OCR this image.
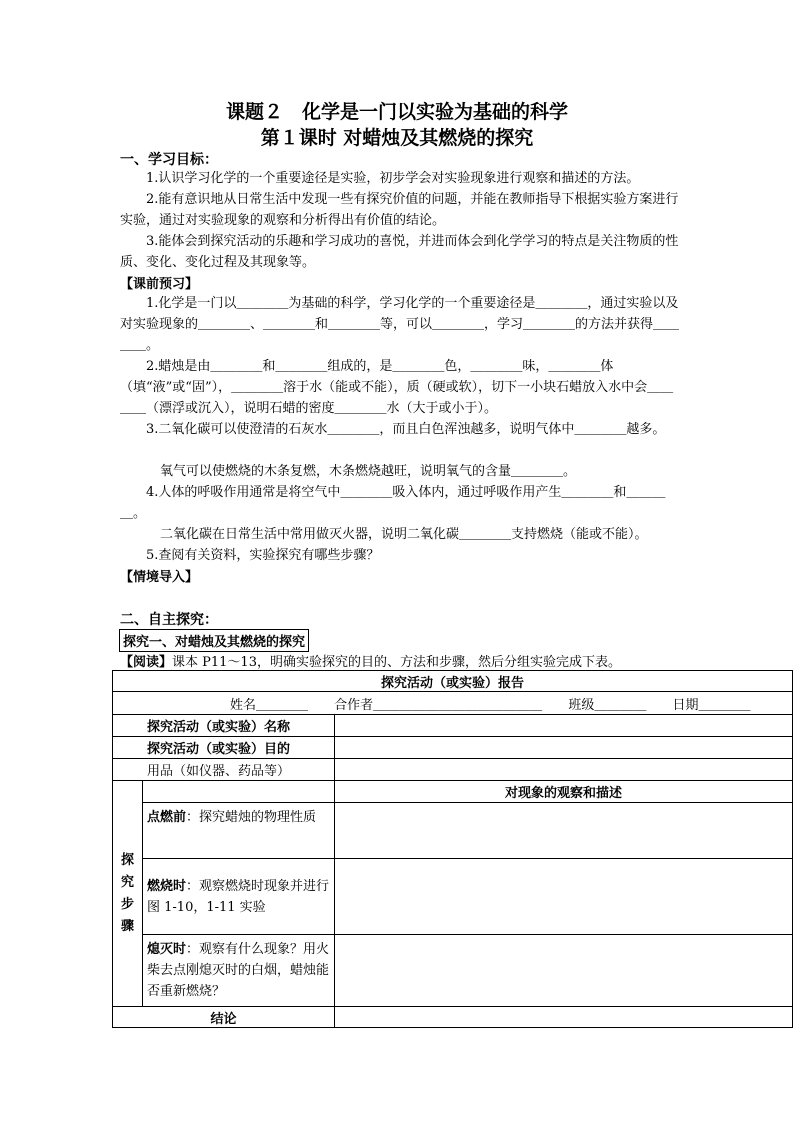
课题２　化学是一门以实验为基础的科学
第１课时 对蜡烛及其燃烧的探究
一、学习目标：
1.认识学习化学的一个重要途径是实验，初步学会对实验现象进行观察和描述的方法。
2.能有意识地从日常生活中发现一些有探究价值的问题，并能在教师指导下根据实验方案进行实验，通过对实验现象的观察和分析得出有价值的结论。
3.能体会到探究活动的乐趣和学习成功的喜悦，并进而体会到化学学习的特点是关注物质的性质、变化、变化过程及其现象等。
【课前预习】
1.化学是一门以＿＿＿＿为基础的科学，学习化学的一个重要途径是＿＿＿＿，通过实验以及对实验现象的＿＿＿＿、＿＿＿＿和＿＿＿＿等，可以＿＿＿＿，学习＿＿＿＿的方法并获得＿＿＿＿。
2.蜡烛是由＿＿＿＿和＿＿＿＿组成的，是＿＿＿＿色，＿＿＿＿味，＿＿＿＿体（填“液”或“固”），＿＿＿＿溶于水（能或不能），质（硬或软），切下一小块石蜡放入水中会＿＿＿＿（漂浮或沉入），说明石蜡的密度＿＿＿＿水（大于或小于）。
3.二氧化碳可以使澄清的石灰水＿＿＿＿，而且白色浑浊越多，说明气体中＿＿＿＿越多。
氧气可以使燃烧的木条复燃，木条燃烧越旺，说明氧气的含量＿＿＿＿。
4.人体的呼吸作用通常是将空气中＿＿＿＿吸入体内，通过呼吸作用产生＿＿＿＿和＿＿＿＿。
二氧化碳在日常生活中常用做灭火器，说明二氧化碳＿＿＿＿支持燃烧（能或不能）。
5.查阅有关资料，实验探究有哪些步骤？
【情境导入】
二、自主探究：
探究一、对蜡烛及其燃烧的探究
【阅读】课本 P11～13，明确实验探究的目的、方法和步骤，然后分组实验完成下表。
探究活动（或实验）报告		
姓名＿＿＿＿ 合作者＿＿＿＿＿＿＿＿＿＿＿＿＿ 班级＿＿＿＿ 日期＿＿＿＿		
探究活动（或实验）名称		
探究活动（或实验）目的		
用品（如仪器、药品等）		

探
究
步
骤		对现象的观察和描述
	点燃前：探究蜡烛的物理性质	
	燃烧时：观察燃烧时现象并进行图 1-10，1-11 实验	
	熄灭时：观察有什么现象？用火柴去点刚熄灭时的白烟，蜡烛能否重新燃烧？	
结论		
